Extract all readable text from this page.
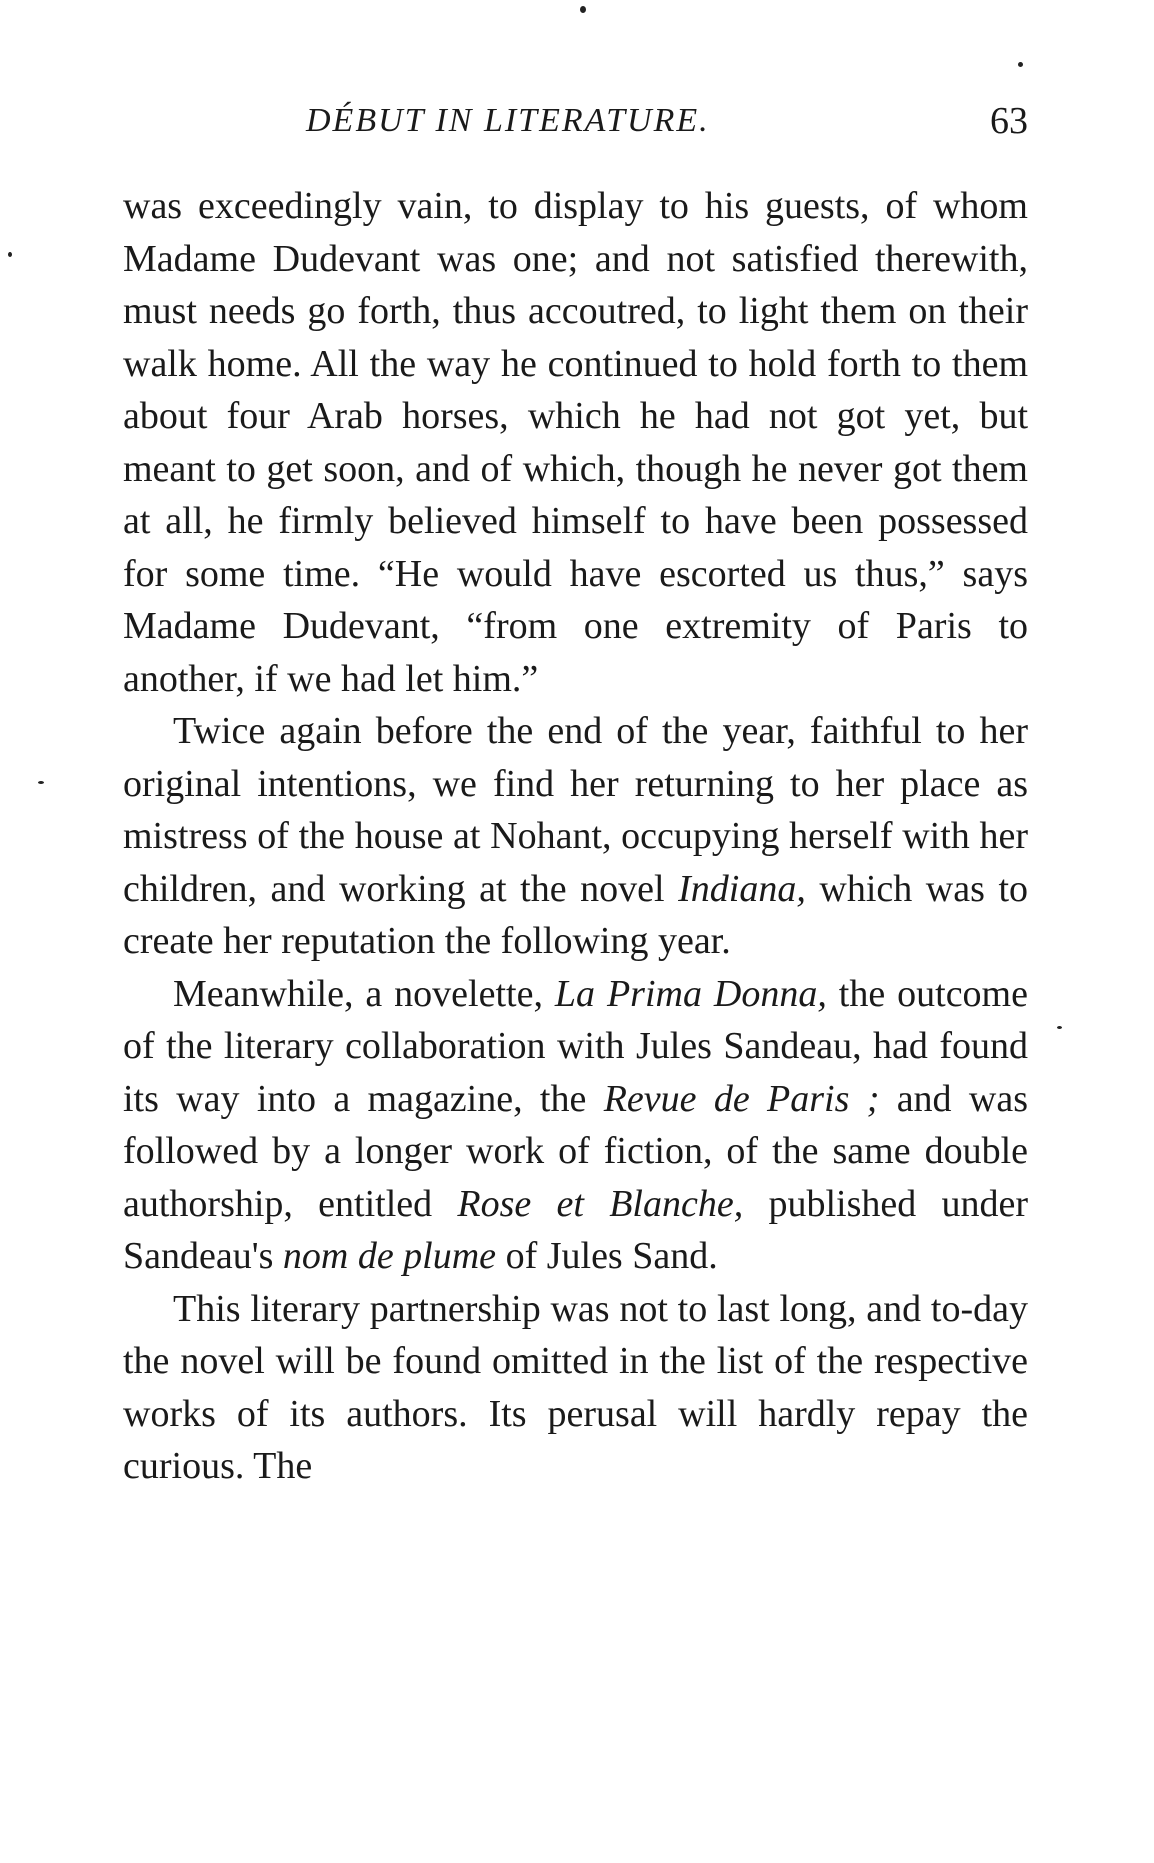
DÉBUT IN LITERATURE.	63

was exceedingly vain, to display to his guests, of whom Madame Dudevant was one; and not satisfied therewith, must needs go forth, thus accoutred, to light them on their walk home. All the way he continued to hold forth to them about four Arab horses, which he had not got yet, but meant to get soon, and of which, though he never got them at all, he firmly believed himself to have been possessed for some time. “He would have escorted us thus,” says Madame Dudevant, “from one extremity of Paris to another, if we had let him.”

Twice again before the end of the year, faithful to her original intentions, we find her returning to her place as mistress of the house at Nohant, occupying herself with her children, and working at the novel Indiana, which was to create her reputation the following year.

Meanwhile, a novelette, La Prima Donna, the outcome of the literary collaboration with Jules Sandeau, had found its way into a magazine, the Revue de Paris ; and was followed by a longer work of fiction, of the same double authorship, entitled Rose et Blanche, published under Sandeau's nom de plume of Jules Sand.

This literary partnership was not to last long, and to-day the novel will be found omitted in the list of the respective works of its authors. Its perusal will hardly repay the curious. The
